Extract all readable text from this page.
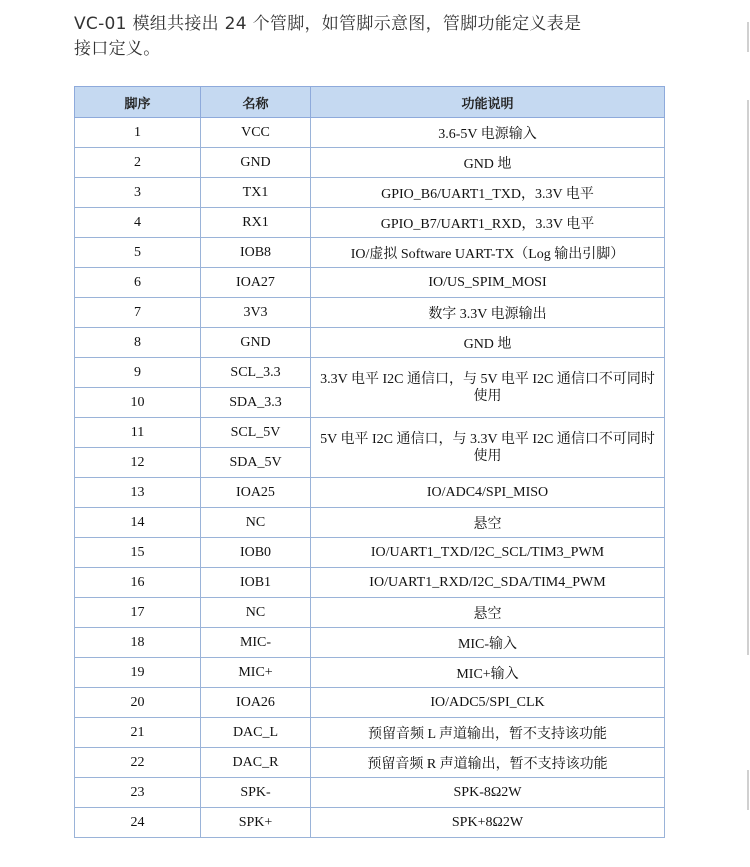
VC-01 模组共接出 24 个管脚，如管脚示意图，管脚功能定义表是
接口定义。
脚序	名称	功能说明
1	VCC	3.6-5V 电源输入
2	GND	GND 地
3	TX1	GPIO_B6/UART1_TXD，3.3V 电平
4	RX1	GPIO_B7/UART1_RXD，3.3V 电平
5	IOB8	IO/虚拟 Software UART-TX（Log 输出引脚）
6	IOA27	IO/US_SPIM_MOSI
7	3V3	数字 3.3V 电源输出
8	GND	GND 地
9	SCL_3.3	3.3V 电平 I2C 通信口，与 5V 电平 I2C 通信口不可同时使用
10	SDA_3.3	
11	SCL_5V	5V 电平 I2C 通信口，与 3.3V 电平 I2C 通信口不可同时使用
12	SDA_5V	
13	IOA25	IO/ADC4/SPI_MISO
14	NC	悬空
15	IOB0	IO/UART1_TXD/I2C_SCL/TIM3_PWM
16	IOB1	IO/UART1_RXD/I2C_SDA/TIM4_PWM
17	NC	悬空
18	MIC-	MIC-输入
19	MIC+	MIC+输入
20	IOA26	IO/ADC5/SPI_CLK
21	DAC_L	预留音频 L 声道输出，暂不支持该功能
22	DAC_R	预留音频 R 声道输出，暂不支持该功能
23	SPK-	SPK-8Ω2W
24	SPK+	SPK+8Ω2W
